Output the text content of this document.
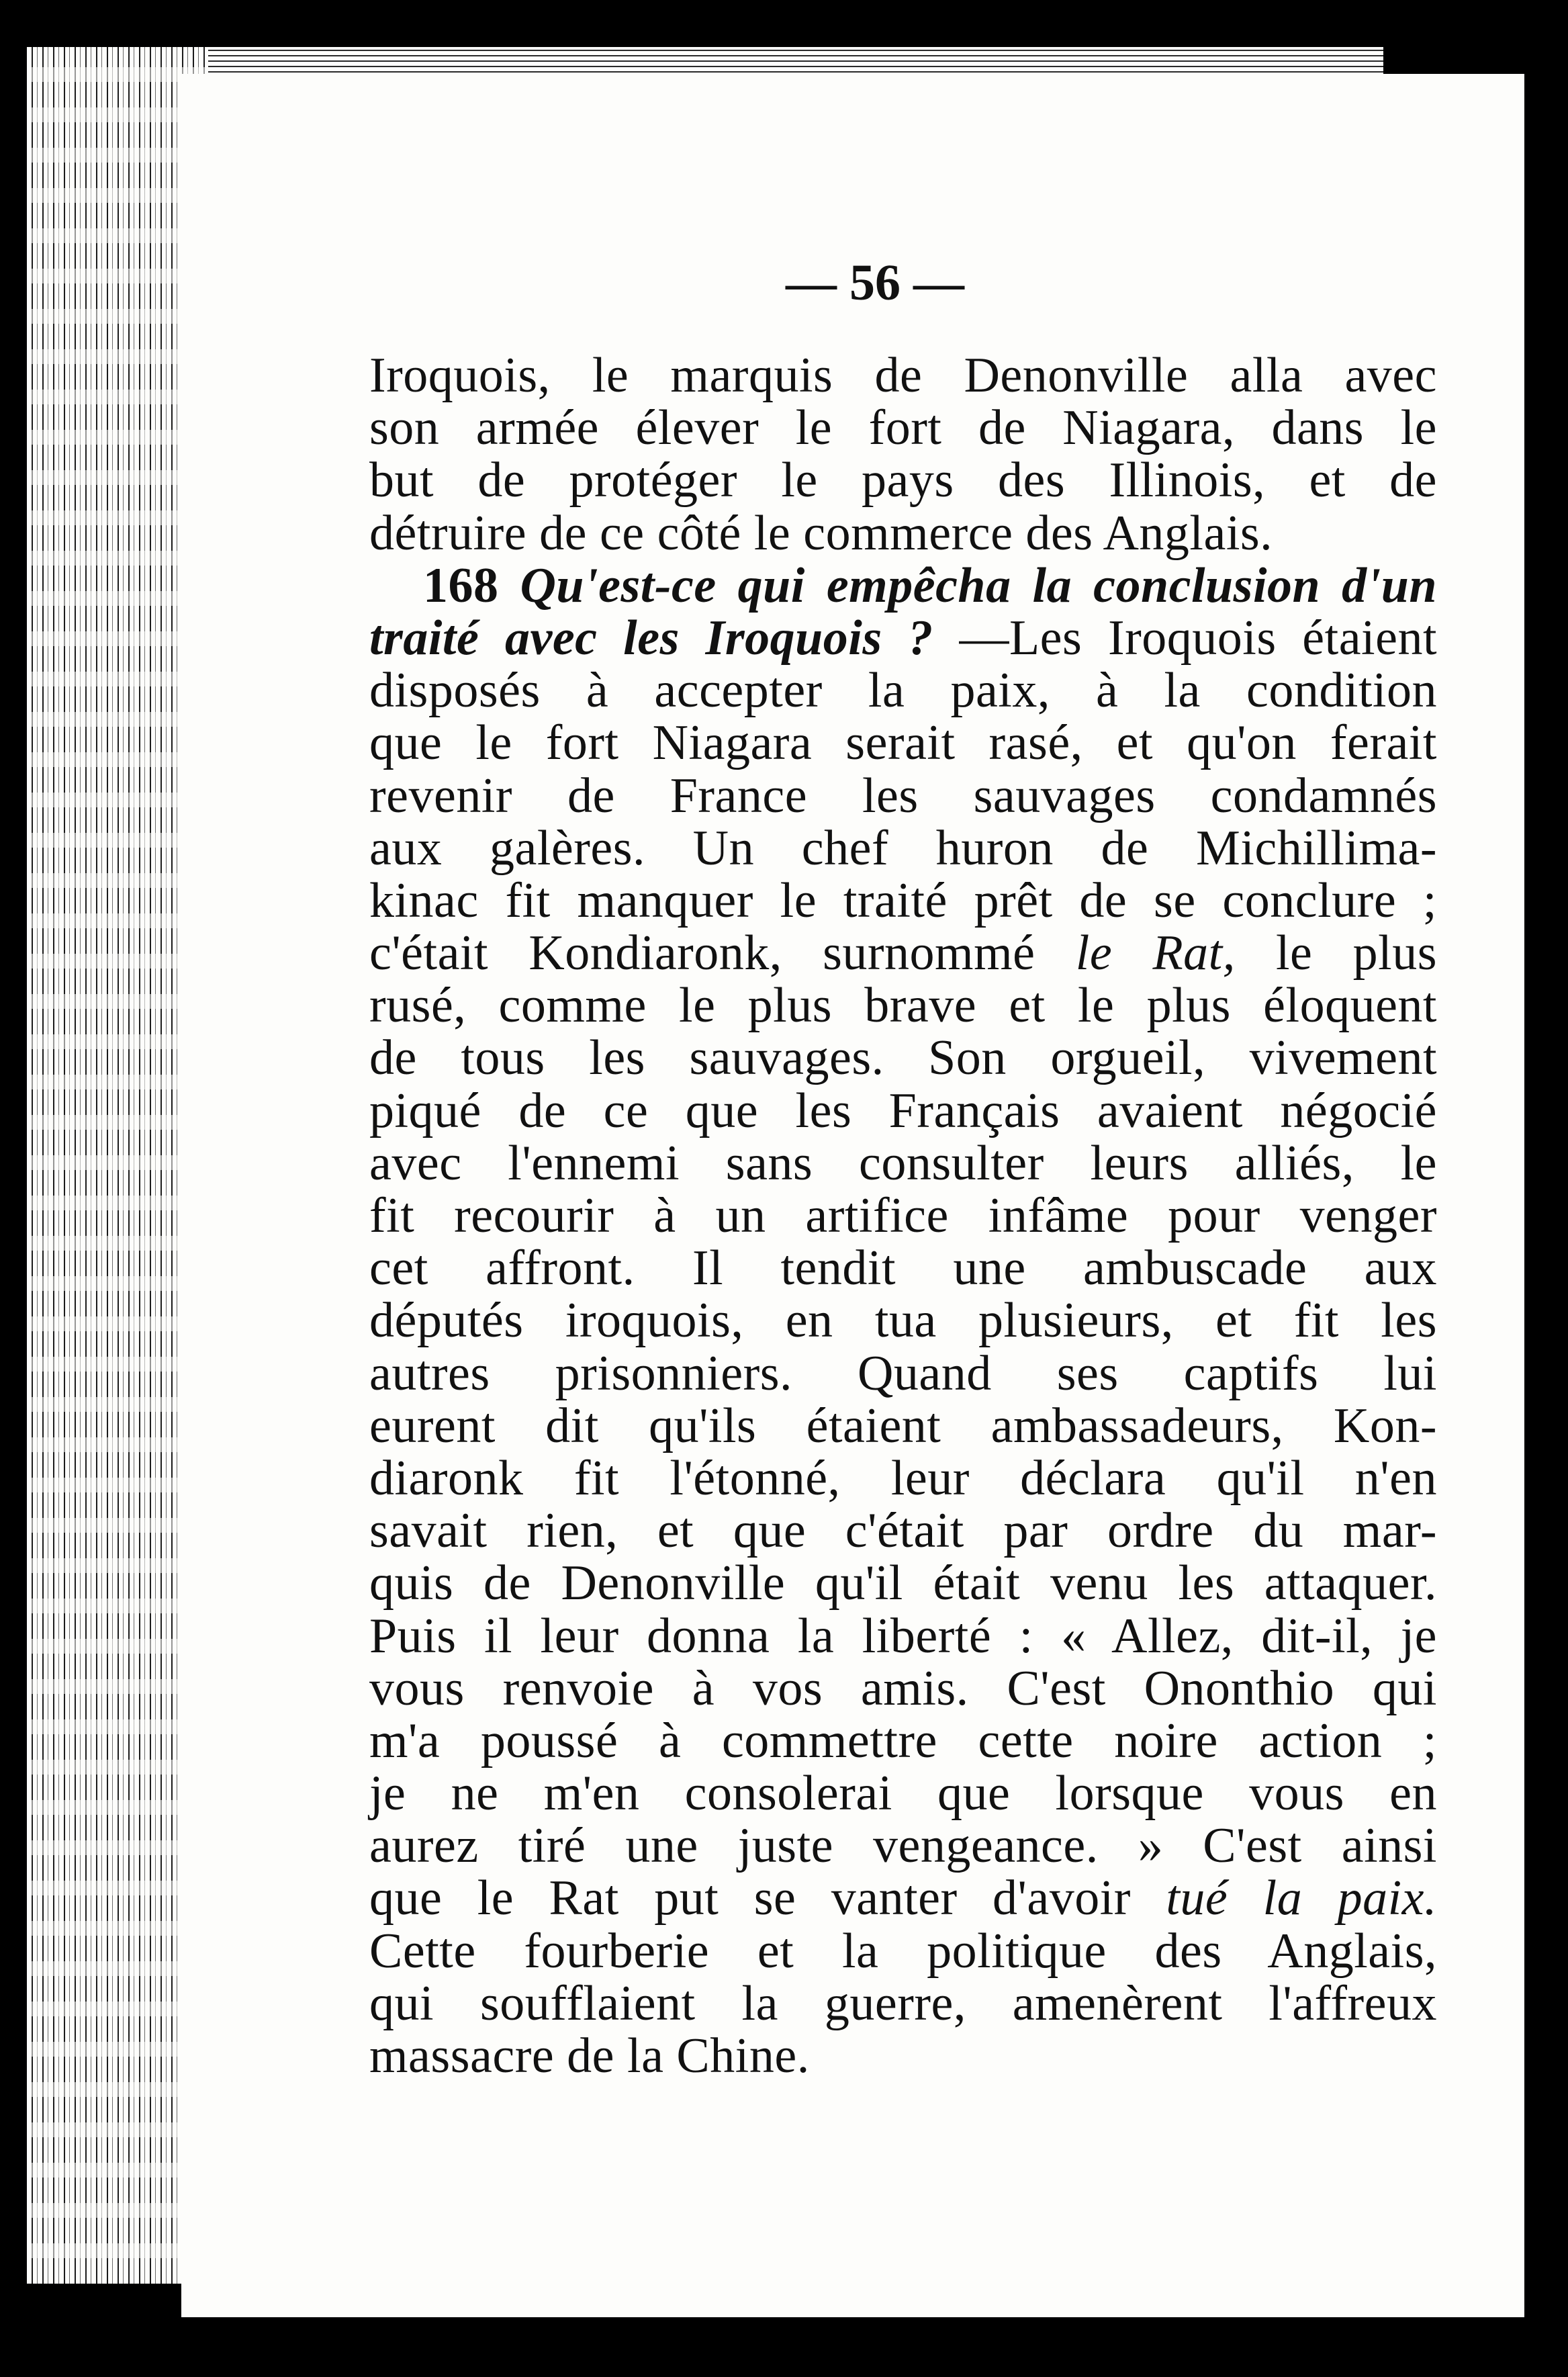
— 56 —
Iroquois, le marquis de Denonville alla avec
son armée élever le fort de Niagara, dans le
but de protéger le pays des Illinois, et de
détruire de ce côté le commerce des Anglais.
168 Qu'est-ce qui empêcha la conclusion d'un
traité avec les Iroquois ? —Les Iroquois étaient
disposés à accepter la paix, à la condition
que le fort Niagara serait rasé, et qu'on ferait
revenir de France les sauvages condamnés
aux galères. Un chef huron de Michillima-
kinac fit manquer le traité prêt de se conclure ;
c'était Kondiaronk, surnommé le Rat, le plus
rusé, comme le plus brave et le plus éloquent
de tous les sauvages. Son orgueil, vivement
piqué de ce que les Français avaient négocié
avec l'ennemi sans consulter leurs alliés, le
fit recourir à un artifice infâme pour venger
cet affront. Il tendit une ambuscade aux
députés iroquois, en tua plusieurs, et fit les
autres prisonniers. Quand ses captifs lui
eurent dit qu'ils étaient ambassadeurs, Kon-
diaronk fit l'étonné, leur déclara qu'il n'en
savait rien, et que c'était par ordre du mar-
quis de Denonville qu'il était venu les attaquer.
Puis il leur donna la liberté : « Allez, dit-il, je
vous renvoie à vos amis. C'est Ononthio qui
m'a poussé à commettre cette noire action ;
je ne m'en consolerai que lorsque vous en
aurez tiré une juste vengeance. » C'est ainsi
que le Rat put se vanter d'avoir tué la paix.
Cette fourberie et la politique des Anglais,
qui soufflaient la guerre, amenèrent l'affreux
massacre de la Chine.
